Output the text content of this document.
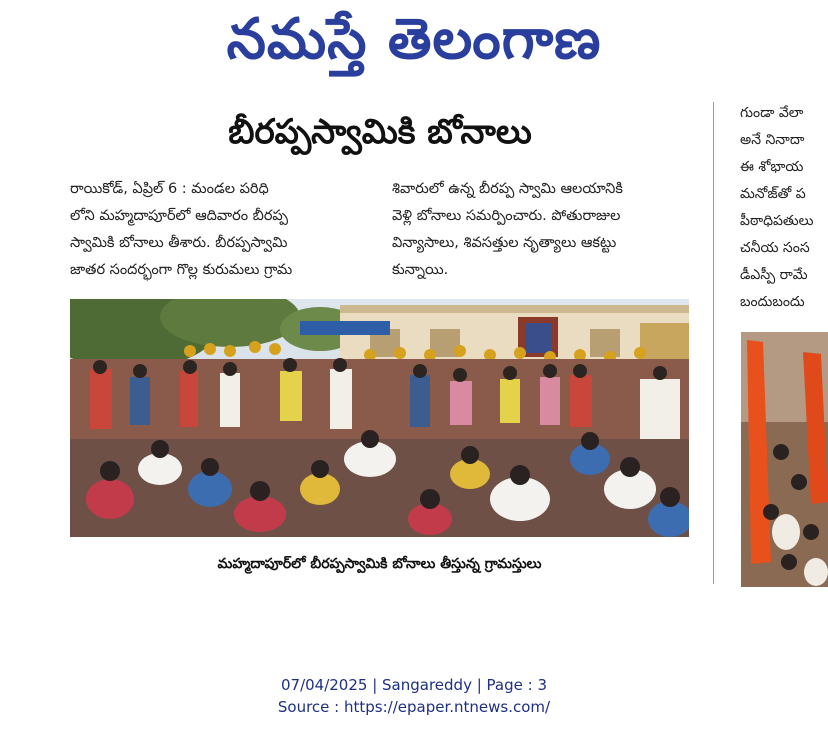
నమస్తే తెలంగాణ
బీరప్పస్వామికి బోనాలు
రాయికోడ్, ఏప్రిల్ 6 : మండల పరిధి
లోని మహ్మదాపూర్‌లో ఆదివారం బీరప్ప
స్వామికి బోనాలు తీశారు. బీరప్పస్వామి
జాతర సందర్భంగా గొల్ల కురుమలు గ్రామ
శివారులో ఉన్న బీరప్ప స్వామి ఆలయానికి
వెళ్లి బోనాలు సమర్పించారు. పోతురాజుల
విన్యాసాలు, శివసత్తుల నృత్యాలు ఆకట్టు
కున్నాయి.
మహ్మదాపూర్‌లో బీరప్పస్వామికి బోనాలు తీస్తున్న గ్రామస్తులు
గుండా వేలా
అనే నినాదా
ఈ శోభాయ
మనోజ్‌తో ప
పీఠాధిపతులు
చనీయ సంస
డీఎస్పీ రామే
బందుబందు
07/04/2025 | Sangareddy | Page : 3
Source : https://epaper.ntnews.com/
